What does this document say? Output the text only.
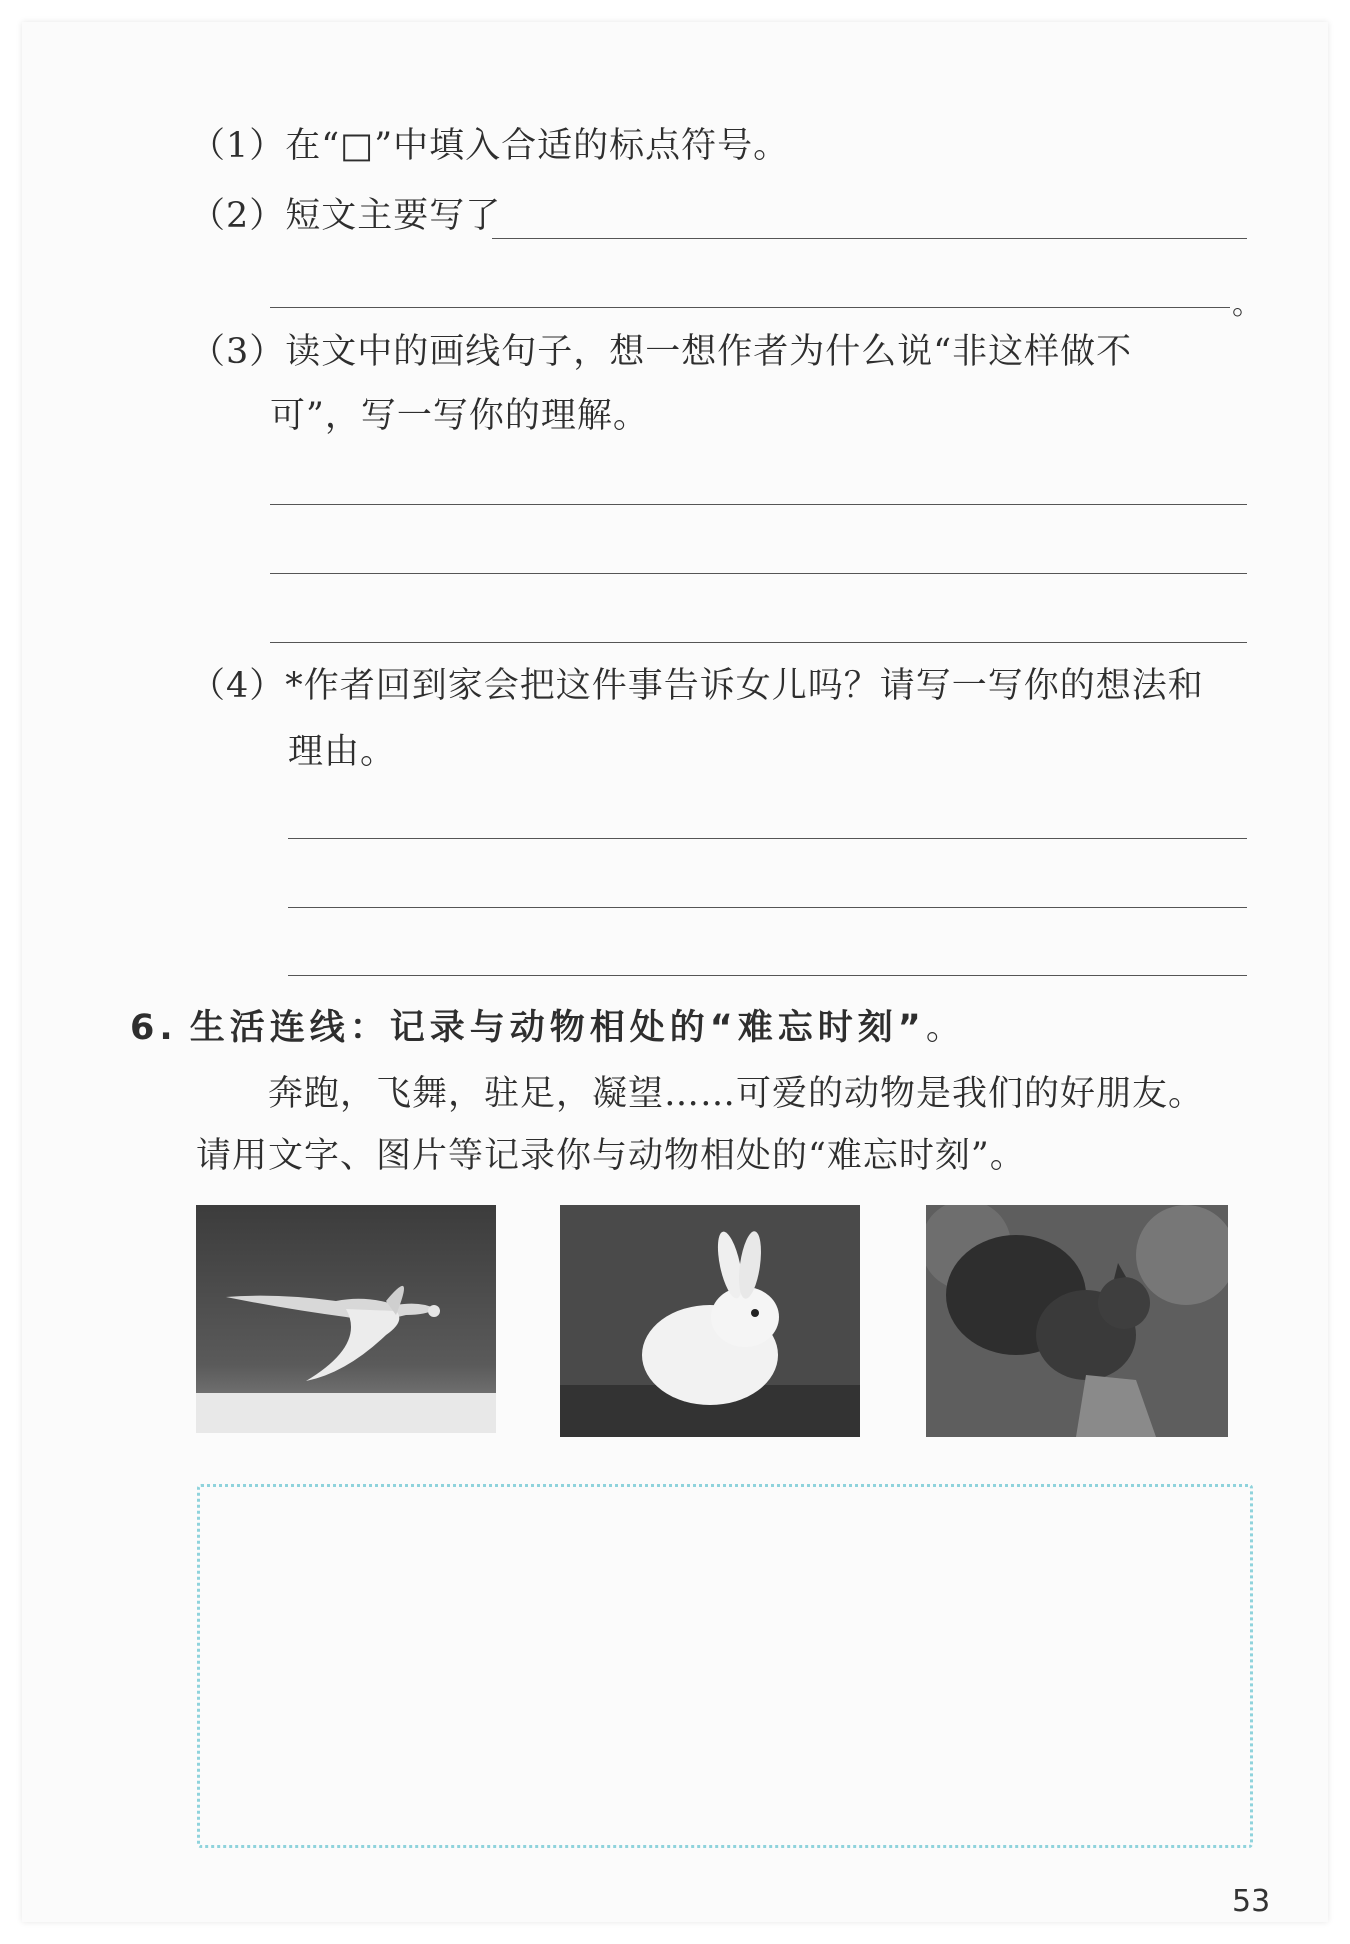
（1）在“□”中填入合适的标点符号。
（2）短文主要写了
。
（3）读文中的画线句子，想一想作者为什么说“非这样做不
可”，写一写你的理解。
（4）*作者回到家会把这件事告诉女儿吗？请写一写你的想法和
理由。
6. 生活连线：记录与动物相处的“难忘时刻”。
奔跑，飞舞，驻足，凝望……可爱的动物是我们的好朋友。
请用文字、图片等记录你与动物相处的“难忘时刻”。
53
